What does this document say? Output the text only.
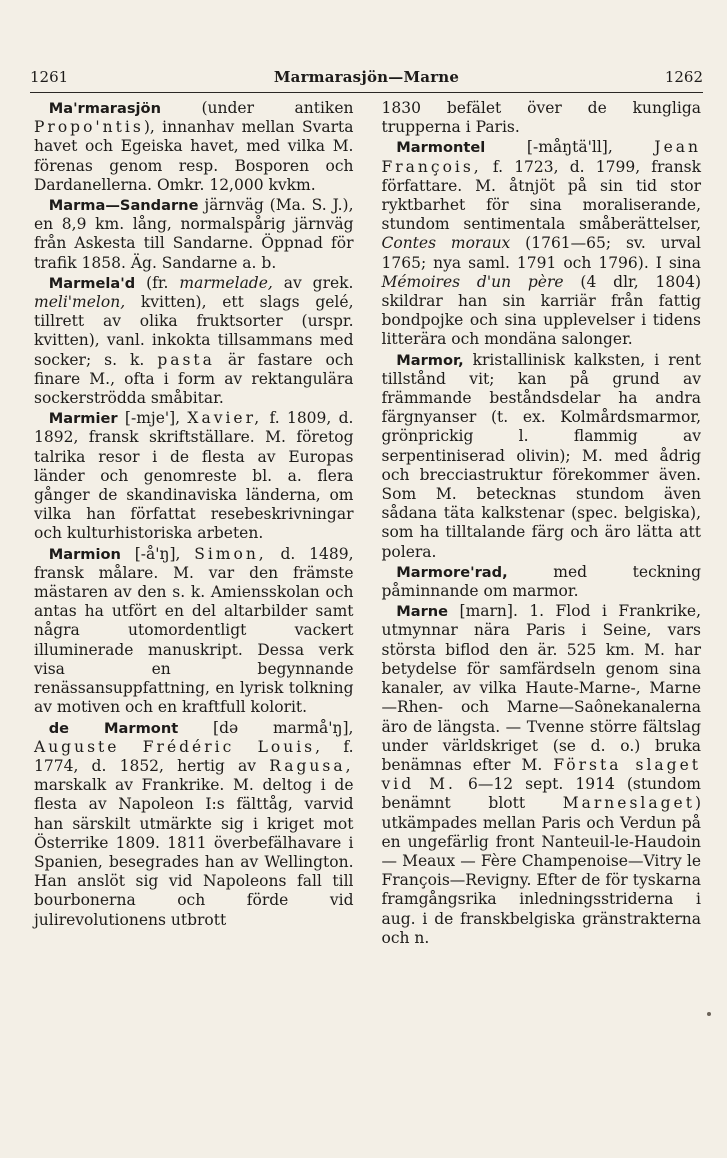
1261	Marmarasjön—Marne	1262

Ma'rmarasjön (under antiken Propo'ntis), innanhav mellan Svarta havet och Egeiska havet, med vilka M. förenas genom resp. Bosporen och Dardanellerna. Omkr. 12,000 kvkm.

Marma—Sandarne järnväg (Ma. S. J.), en 8,9 km. lång, normalspårig järnväg från Askesta till Sandarne. Öppnad för trafik 1858. Äg. Sandarne a. b.

Marmela'd (fr. marmelade, av grek. meli'melon, kvitten), ett slags gelé, tillrett av olika fruktsorter (urspr. kvitten), vanl. inkokta tillsammans med socker; s. k. pasta är fastare och finare M., ofta i form av rektangulära sockerströdda småbitar.

Marmier [-mje'], Xavier, f. 1809, d. 1892, fransk skriftställare. M. företog talrika resor i de flesta av Europas länder och genomreste bl. a. flera gånger de skandinaviska länderna, om vilka han författat resebeskrivningar och kulturhistoriska arbeten.

Marmion [-å'ŋ], Simon, d. 1489, fransk målare. M. var den främste mästaren av den s. k. Amiensskolan och antas ha utfört en del altarbilder samt några utomordentligt vackert illuminerade manuskript. Dessa verk visa en begynnande renässansuppfattning, en lyrisk tolkning av motiven och en kraftfull kolorit.

de Marmont [də marmå'ŋ], Auguste Frédéric Louis, f. 1774, d. 1852, hertig av Ragusa, marskalk av Frankrike. M. deltog i de flesta av Napoleon I:s fälttåg, varvid han särskilt utmärkte sig i kriget mot Österrike 1809. 1811 överbefälhavare i Spanien, besegrades han av Wellington. Han anslöt sig vid Napoleons fall till bourbonerna och förde vid julirevolutionens utbrott

1830 befälet över de kungliga trupperna i Paris.

Marmontel [-måŋtä'll], Jean François, f. 1723, d. 1799, fransk författare. M. åtnjöt på sin tid stor ryktbarhet för sina moraliserande, stundom sentimentala småberättelser, Contes moraux (1761—65; sv. urval 1765; nya saml. 1791 och 1796). I sina Mémoires d'un père (4 dlr, 1804) skildrar han sin karriär från fattig bondpojke och sina upplevelser i tidens litterära och mondäna salonger.

Marmor, kristallinisk kalksten, i rent tillstånd vit; kan på grund av främmande beståndsdelar ha andra färgnyanser (t. ex. Kolmårdsmarmor, grönprickig l. flammig av serpentiniserad olivin); M. med ådrig och brecciastruktur förekommer även. Som M. betecknas stundom även sådana täta kalkstenar (spec. belgiska), som ha tilltalande färg och äro lätta att polera.

Marmore'rad, med teckning påminnande om marmor.

Marne [marn]. 1. Flod i Frankrike, utmynnar nära Paris i Seine, vars största biflod den är. 525 km. M. har betydelse för samfärdseln genom sina kanaler, av vilka Haute-Marne-, Marne—Rhen- och Marne—Saônekanalerna äro de längsta. — Tvenne större fältslag under världskriget (se d. o.) bruka benämnas efter M. Första slaget vid M. 6—12 sept. 1914 (stundom benämnt blott Marneslaget) utkämpades mellan Paris och Verdun på en ungefärlig front Nanteuil-le-Haudoin — Meaux — Fère Champenoise—Vitry le François—Revigny. Efter de för tyskarna framgångsrika inledningsstriderna i aug. i de franskbelgiska gränstrakterna och n.
